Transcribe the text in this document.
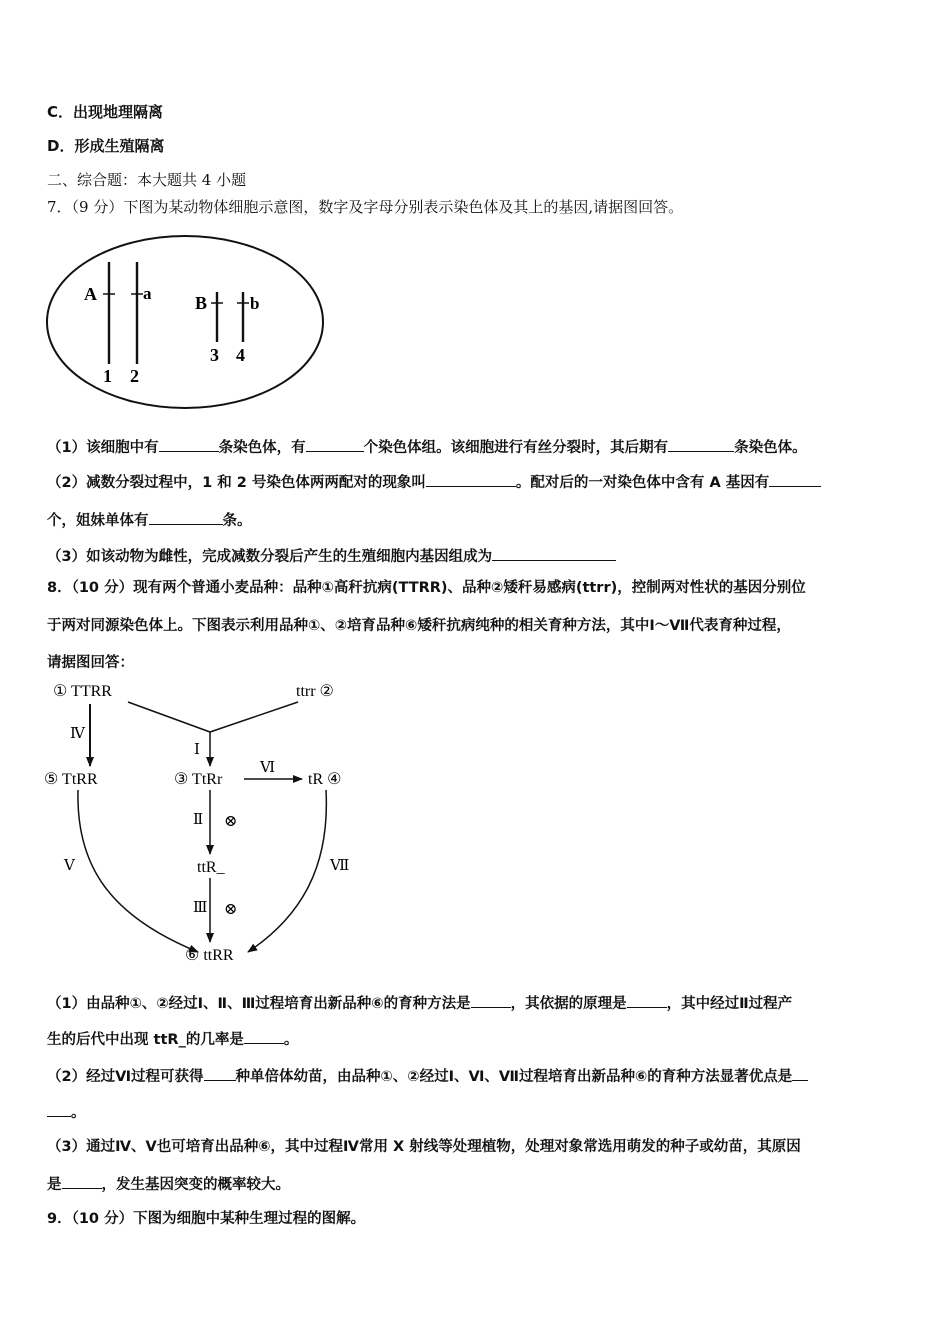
C．出现地理隔离
D．形成生殖隔离
二、综合题：本大题共 4 小题
7．（9 分）下图为某动物体细胞示意图，数字及字母分别表示染色体及其上的基因,请据图回答。
A	a B	b
1 2
3 4
（1）该细胞中有	条染色体，有	个染色体组。该细胞进行有丝分裂时，其后期有	条染色体。
（2）减数分裂过程中，1 和 2 号染色体两两配对的现象叫	。配对后的一对染色体中含有 A 基因有
个，姐妹单体有	条。
（3）如该动物为雌性，完成减数分裂后产生的生殖细胞内基因组成为
8．（10 分）现有两个普通小麦品种：品种①高秆抗病(TTRR)、品种②矮秆易感病(ttrr)，控制两对性状的基因分别位
于两对同源染色体上。下图表示利用品种①、②培育品种⑥矮秆抗病纯种的相关育种方法，其中Ⅰ～Ⅶ代表育种过程，
请据图回答：
① TTRR	ttrr ②
⑤ TtRR	③ TtRr	tR ④
ttR_
⑥ ttRR
Ⅰ
Ⅳ
Ⅵ
Ⅱ ⊗
Ⅲ ⊗
Ⅴ	Ⅶ
（1）由品种①、②经过Ⅰ、Ⅱ、Ⅲ过程培育出新品种⑥的育种方法是	，其依据的原理是	，其中经过Ⅱ过程产
生的后代中出现 ttR_的几率是	。
（2）经过Ⅵ过程可获得 种单倍体幼苗，由品种①、②经过Ⅰ、Ⅵ、Ⅶ过程培育出新品种⑥的育种方法显著优点是
。
（3）通过Ⅳ、Ⅴ也可培育出品种⑥，其中过程Ⅳ常用 X 射线等处理植物，处理对象常选用萌发的种子或幼苗，其原因
是	，发生基因突变的概率较大。
9．（10 分）下图为细胞中某种生理过程的图解。
